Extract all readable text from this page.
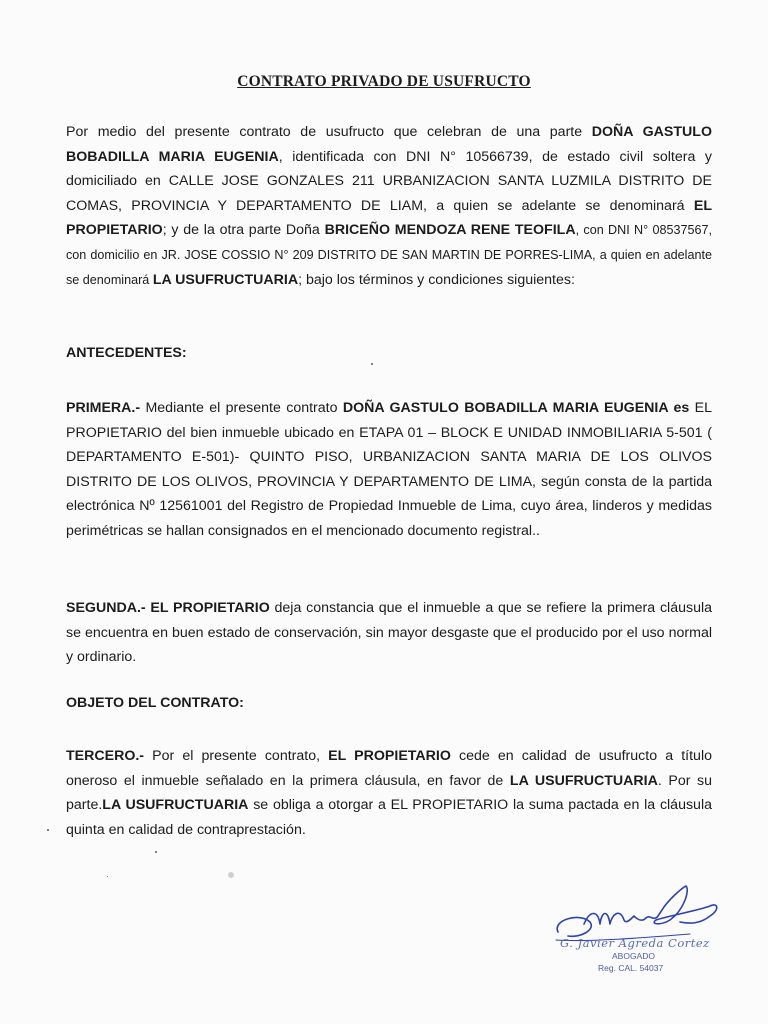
CONTRATO PRIVADO DE USUFRUCTO
Por medio del presente contrato de usufructo que celebran de una parte DOÑA GASTULO BOBADILLA MARIA EUGENIA, identificada con DNI N° 10566739, de estado civil soltera y domiciliado en CALLE JOSE GONZALES 211 URBANIZACION SANTA LUZMILA DISTRITO DE COMAS, PROVINCIA Y DEPARTAMENTO DE LIAM, a quien se adelante se denominará EL PROPIETARIO; y de la otra parte Doña BRICEÑO MENDOZA RENE TEOFILA, con DNI N° 08537567, con domicilio en JR. JOSE COSSIO N° 209 DISTRITO DE SAN MARTIN DE PORRES-LIMA, a quien en adelante se denominará LA USUFRUCTUARIA; bajo los términos y condiciones siguientes:
ANTECEDENTES:
PRIMERA.- Mediante el presente contrato DOÑA GASTULO BOBADILLA MARIA EUGENIA es EL PROPIETARIO del bien inmueble ubicado en ETAPA 01 – BLOCK E UNIDAD INMOBILIARIA 5-501 ( DEPARTAMENTO E-501)- QUINTO PISO, URBANIZACION SANTA MARIA DE LOS OLIVOS DISTRITO DE LOS OLIVOS, PROVINCIA Y DEPARTAMENTO DE LIMA, según consta de la partida electrónica Nº 12561001 del Registro de Propiedad Inmueble de Lima, cuyo área, linderos y medidas perimétricas se hallan consignados en el mencionado documento registral..
SEGUNDA.- EL PROPIETARIO deja constancia que el inmueble a que se refiere la primera cláusula se encuentra en buen estado de conservación, sin mayor desgaste que el producido por el uso normal y ordinario.
OBJETO DEL CONTRATO:
TERCERO.- Por el presente contrato, EL PROPIETARIO cede en calidad de usufructo a título oneroso el inmueble señalado en la primera cláusula, en favor de LA USUFRUCTUARIA. Por su parte.LA USUFRUCTUARIA se obliga a otorgar a EL PROPIETARIO la suma pactada en la cláusula quinta en calidad de contraprestación.
G. Javier Agreda Cortez
ABOGADO
Reg. CAL. 54037
